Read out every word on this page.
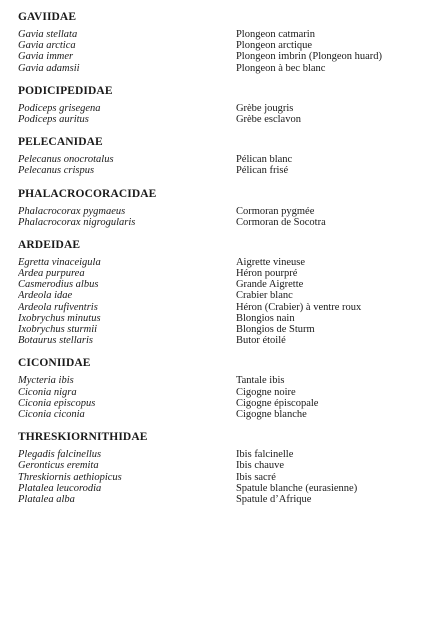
GAVIIDAE
Gavia stellata	Plongeon catmarin
Gavia arctica	Plongeon arctique
Gavia immer	Plongeon imbrin (Plongeon huard)
Gavia adamsii	Plongeon à bec blanc
PODICIPEDIDAE
Podiceps grisegena	Grèbe jougris
Podiceps auritus	Grèbe esclavon
PELECANIDAE
Pelecanus onocrotalus	Pélican blanc
Pelecanus crispus	Pélican frisé
PHALACROCORACIDAE
Phalacrocorax pygmaeus	Cormoran pygmée
Phalacrocorax nigrogularis	Cormoran de Socotra
ARDEIDAE
Egretta vinaceigula	Aigrette vineuse
Ardea purpurea	Héron pourpré
Casmerodius albus	Grande Aigrette
Ardeola idae	Crabier blanc
Ardeola rufiventris	Héron (Crabier) à ventre roux
Ixobrychus minutus	Blongios nain
Ixobrychus sturmii	Blongios de Sturm
Botaurus stellaris	Butor étoilé
CICONIIDAE
Mycteria ibis	Tantale ibis
Ciconia nigra	Cigogne noire
Ciconia episcopus	Cigogne épiscopale
Ciconia ciconia	Cigogne blanche
THRESKIORNITHIDAE
Plegadis falcinellus	Ibis falcinelle
Geronticus eremita	Ibis chauve
Threskiornis aethiopicus	Ibis sacré
Platalea leucorodia	Spatule blanche (eurasienne)
Platalea alba	Spatule d’Afrique
